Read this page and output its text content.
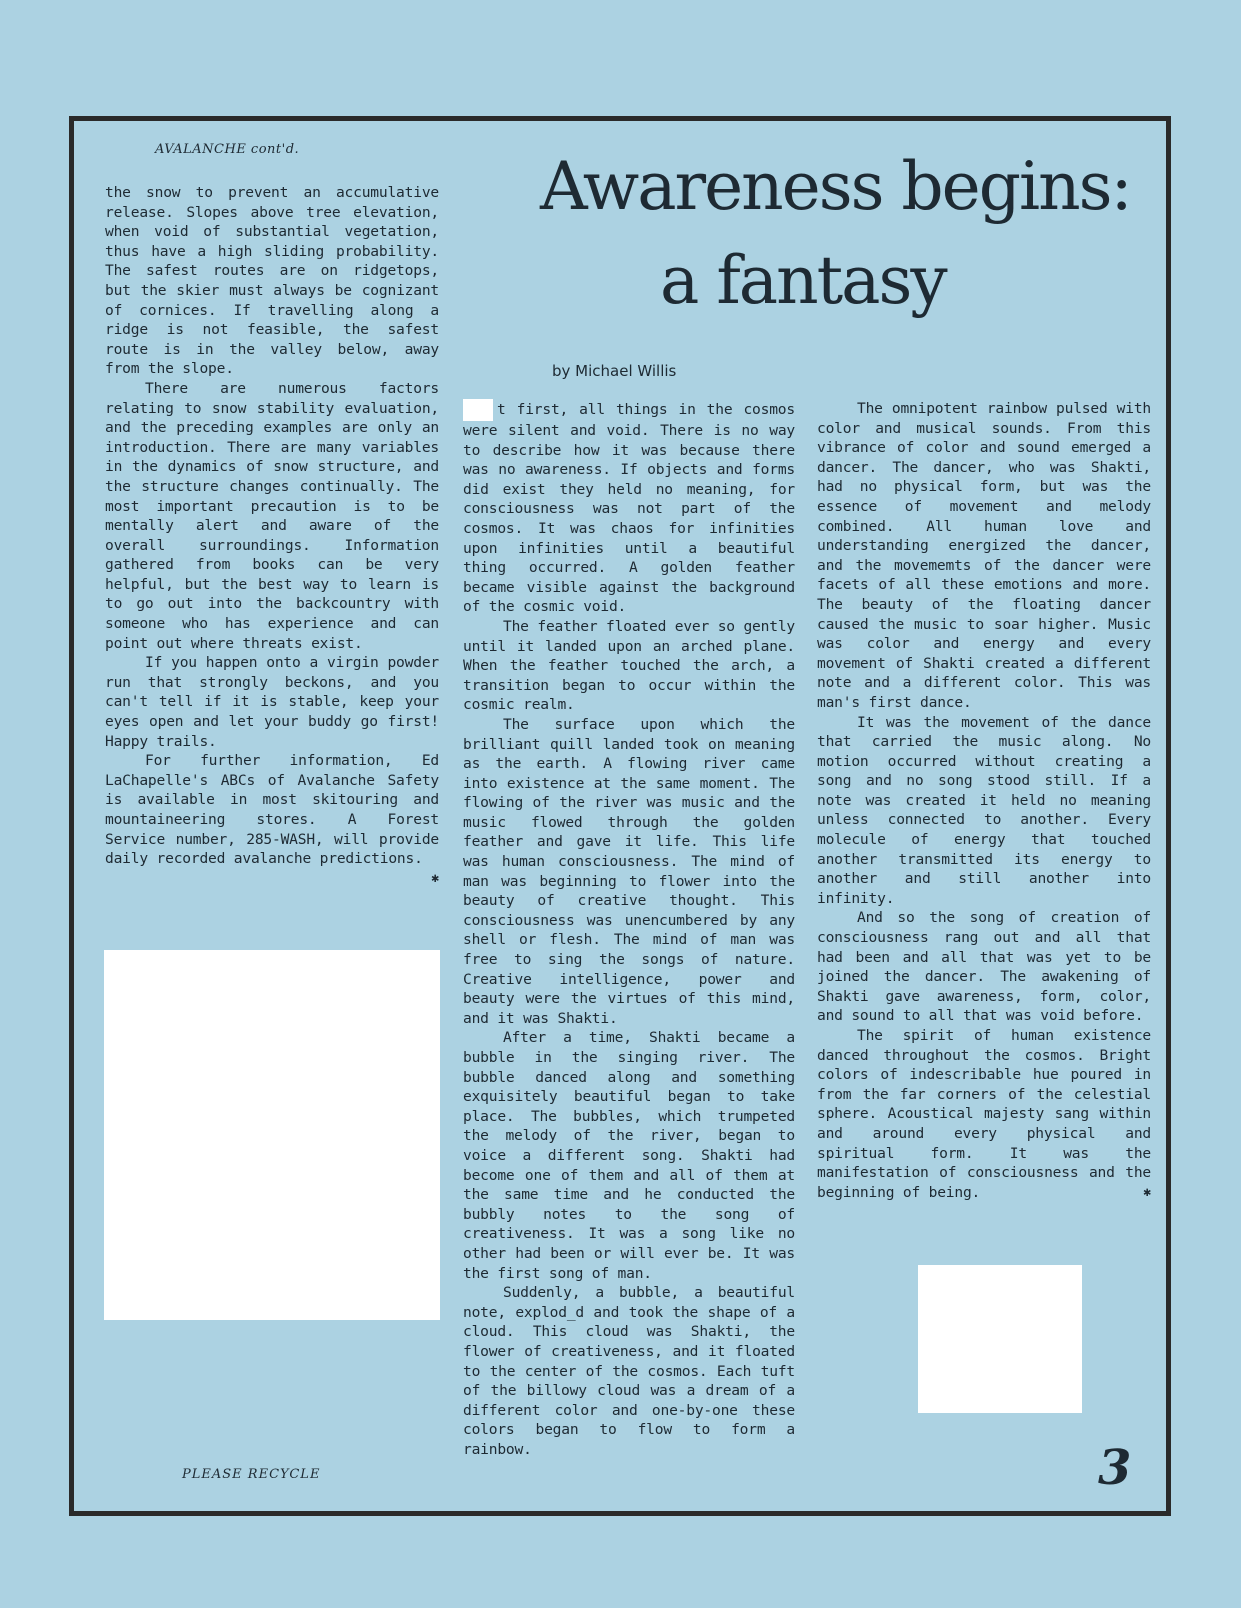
AVALANCHE cont'd.	Awareness begins:
a fantasy
by Michael Willis

the snow to prevent an accumulative release. Slopes above tree elevation, when void of substantial vegetation, thus have a high sliding probability. The safest routes are on ridgetops, but the skier must always be cognizant of cornices. If travelling along a ridge is not feasible, the safest route is in the valley below, away from the slope.

There are numerous factors relating to snow stability evaluation, and the preceding examples are only an introduction. There are many variables in the dynamics of snow structure, and the structure changes continually. The most important precaution is to be mentally alert and aware of the overall surroundings. Information gathered from books can be very helpful, but the best way to learn is to go out into the backcountry with someone who has experience and can point out where threats exist.

If you happen onto a virgin powder run that strongly beckons, and you can't tell if it is stable, keep your eyes open and let your buddy go first! Happy trails.

For further information, Ed LaChapelle's ABCs of Avalanche Safety is available in most skitouring and mountaineering stores. A Forest Service number, 285-WASH, will provide daily recorded avalanche predictions.
✱

t first, all things in the cosmos were silent and void. There is no way to describe how it was because there was no awareness. If objects and forms did exist they held no meaning, for consciousness was not part of the cosmos. It was chaos for infinities upon infinities until a beautiful thing occurred. A golden feather became visible against the background of the cosmic void.

The feather floated ever so gently until it landed upon an arched plane. When the feather touched the arch, a transition began to occur within the cosmic realm.

The surface upon which the brilliant quill landed took on meaning as the earth. A flowing river came into existence at the same moment. The flowing of the river was music and the music flowed through the golden feather and gave it life. This life was human consciousness. The mind of man was beginning to flower into the beauty of creative thought. This consciousness was unencumbered by any shell or flesh. The mind of man was free to sing the songs of nature. Creative intelligence, power and beauty were the virtues of this mind, and it was Shakti.

After a time, Shakti became a bubble in the singing river. The bubble danced along and something exquisitely beautiful began to take place. The bubbles, which trumpeted the melody of the river, began to voice a different song. Shakti had become one of them and all of them at the same time and he conducted the bubbly notes to the song of creativeness. It was a song like no other had been or will ever be. It was the first song of man.

Suddenly, a bubble, a beautiful note, explod_d and took the shape of a cloud. This cloud was Shakti, the flower of creativeness, and it floated to the center of the cosmos. Each tuft of the billowy cloud was a dream of a different color and one-by-one these colors began to flow to form a rainbow.

The omnipotent rainbow pulsed with color and musical sounds. From this vibrance of color and sound emerged a dancer. The dancer, who was Shakti, had no physical form, but was the essence of movement and melody combined. All human love and understanding energized the dancer, and the movememts of the dancer were facets of all these emotions and more. The beauty of the floating dancer caused the music to soar higher. Music was color and energy and every movement of Shakti created a different note and a different color. This was man's first dance.

It was the movement of the dance that carried the music along. No motion occurred without creating a song and no song stood still. If a note was created it held no meaning unless connected to another. Every molecule of energy that touched another transmitted its energy to another and still another into infinity.

And so the song of creation of consciousness rang out and all that had been and all that was yet to be joined the dancer. The awakening of Shakti gave awareness, form, color, and sound to all that was void before.

The spirit of human existence danced throughout the cosmos. Bright colors of indescribable hue poured in from the far corners of the celestial sphere. Acoustical majesty sang within and around every physical and spiritual form. It was the manifestation of consciousness and the beginning of being.	✱

PLEASE RECYCLE	3
